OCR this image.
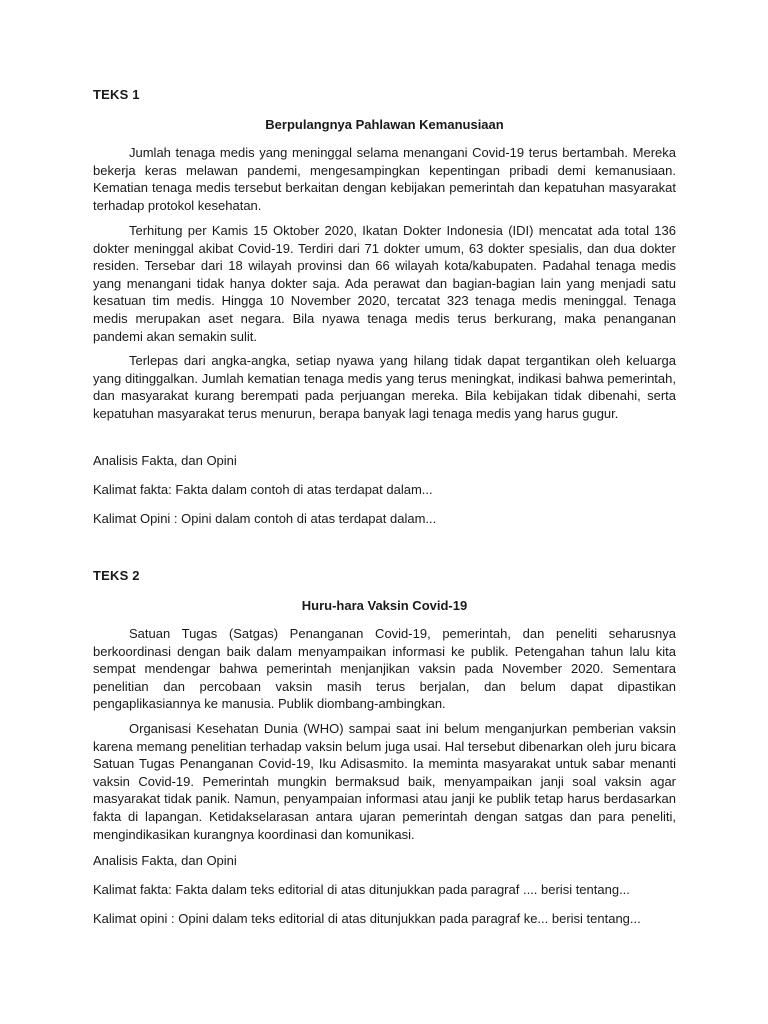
TEKS 1
Berpulangnya Pahlawan Kemanusiaan

Jumlah tenaga medis yang meninggal selama menangani Covid-19 terus bertambah. Mereka bekerja keras melawan pandemi, mengesampingkan kepentingan pribadi demi kemanusiaan. Kematian tenaga medis tersebut berkaitan dengan kebijakan pemerintah dan kepatuhan masyarakat terhadap protokol kesehatan.

Terhitung per Kamis 15 Oktober 2020, Ikatan Dokter Indonesia (IDI) mencatat ada total 136 dokter meninggal akibat Covid-19. Terdiri dari 71 dokter umum, 63 dokter spesialis, dan dua dokter residen. Tersebar dari 18 wilayah provinsi dan 66 wilayah kota/kabupaten. Padahal tenaga medis yang menangani tidak hanya dokter saja. Ada perawat dan bagian-bagian lain yang menjadi satu kesatuan tim medis. Hingga 10 November 2020, tercatat 323 tenaga medis meninggal. Tenaga medis merupakan aset negara. Bila nyawa tenaga medis terus berkurang, maka penanganan pandemi akan semakin sulit.

Terlepas dari angka-angka, setiap nyawa yang hilang tidak dapat tergantikan oleh keluarga yang ditinggalkan. Jumlah kematian tenaga medis yang terus meningkat, indikasi bahwa pemerintah, dan masyarakat kurang berempati pada perjuangan mereka. Bila kebijakan tidak dibenahi, serta kepatuhan masyarakat terus menurun, berapa banyak lagi tenaga medis yang harus gugur.

Analisis Fakta, dan Opini

Kalimat fakta: Fakta dalam contoh di atas terdapat dalam...

Kalimat Opini : Opini dalam contoh di atas terdapat dalam...

TEKS 2
Huru-hara Vaksin Covid-19

Satuan Tugas (Satgas) Penanganan Covid-19, pemerintah, dan peneliti seharusnya berkoordinasi dengan baik dalam menyampaikan informasi ke publik. Petengahan tahun lalu kita sempat mendengar bahwa pemerintah menjanjikan vaksin pada November 2020. Sementara penelitian dan percobaan vaksin masih terus berjalan, dan belum dapat dipastikan pengaplikasiannya ke manusia. Publik diombang-ambingkan.

Organisasi Kesehatan Dunia (WHO) sampai saat ini belum menganjurkan pemberian vaksin karena memang penelitian terhadap vaksin belum juga usai. Hal tersebut dibenarkan oleh juru bicara Satuan Tugas Penanganan Covid-19, Iku Adisasmito. Ia meminta masyarakat untuk sabar menanti vaksin Covid-19. Pemerintah mungkin bermaksud baik, menyampaikan janji soal vaksin agar masyarakat tidak panik. Namun, penyampaian informasi atau janji ke publik tetap harus berdasarkan fakta di lapangan. Ketidakselarasan antara ujaran pemerintah dengan satgas dan para peneliti, mengindikasikan kurangnya koordinasi dan komunikasi.

Analisis Fakta, dan Opini

Kalimat fakta: Fakta dalam teks editorial di atas ditunjukkan pada paragraf .... berisi tentang...

Kalimat opini : Opini dalam teks editorial di atas ditunjukkan pada paragraf ke... berisi tentang...
